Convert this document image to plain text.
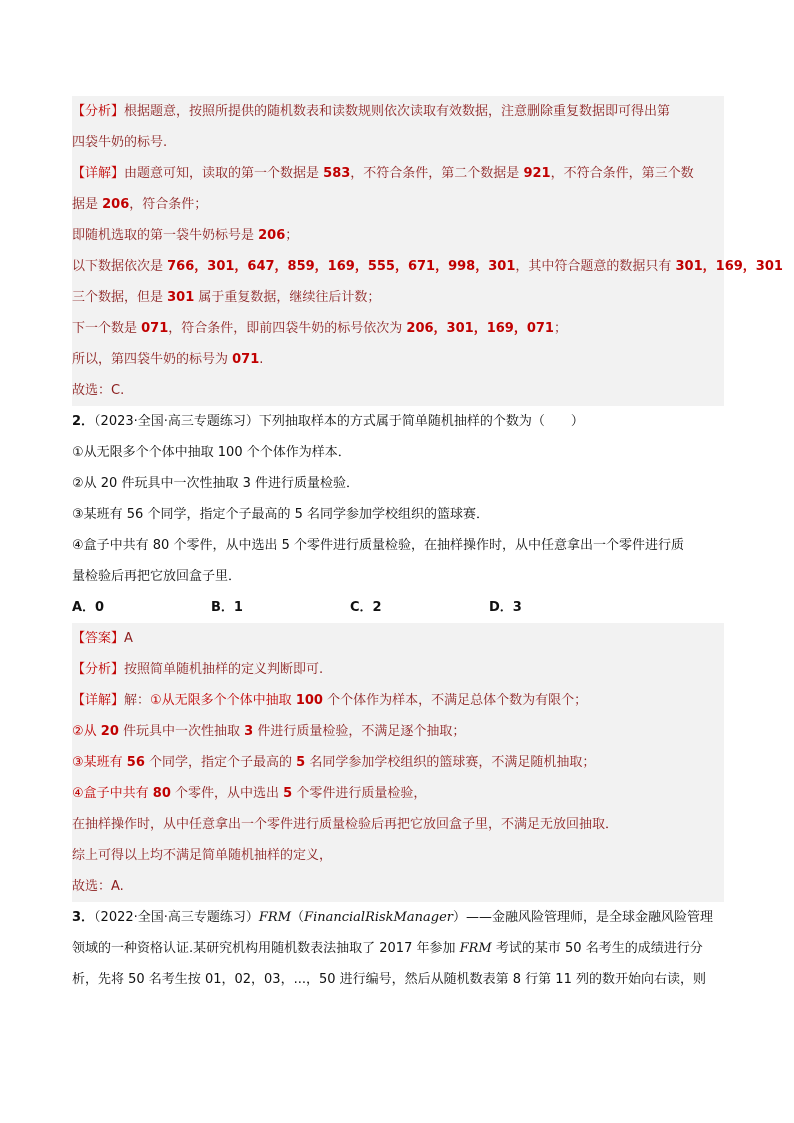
【分析】根据题意，按照所提供的随机数表和读数规则依次读取有效数据，注意删除重复数据即可得出第
四袋牛奶的标号.
【详解】由题意可知，读取的第一个数据是 583，不符合条件，第二个数据是 921，不符合条件，第三个数
据是 206，符合条件；
即随机选取的第一袋牛奶标号是 206；
以下数据依次是 766，301，647，859，169，555，671，998，301，其中符合题意的数据只有 301，169，301
三个数据，但是 301 属于重复数据，继续往后计数；
下一个数是 071，符合条件，即前四袋牛奶的标号依次为 206，301，169，071；
所以，第四袋牛奶的标号为 071.
故选：C.
2．（2023·全国·高三专题练习）下列抽取样本的方式属于简单随机抽样的个数为（　　）
①从无限多个个体中抽取 100 个个体作为样本．
②从 20 件玩具中一次性抽取 3 件进行质量检验．
③某班有 56 个同学，指定个子最高的 5 名同学参加学校组织的篮球赛．
④盒子中共有 80 个零件，从中选出 5 个零件进行质量检验，在抽样操作时，从中任意拿出一个零件进行质
量检验后再把它放回盒子里．
A．0	B．1	C．2	D．3
【答案】A
【分析】按照简单随机抽样的定义判断即可.
【详解】解：①从无限多个个体中抽取 100 个个体作为样本，不满足总体个数为有限个；
②从 20 件玩具中一次性抽取 3 件进行质量检验，不满足逐个抽取；
③某班有 56 个同学，指定个子最高的 5 名同学参加学校组织的篮球赛，不满足随机抽取；
④盒子中共有 80 个零件，从中选出 5 个零件进行质量检验，
在抽样操作时，从中任意拿出一个零件进行质量检验后再把它放回盒子里，不满足无放回抽取．
综上可得以上均不满足简单随机抽样的定义，
故选：A.
3．（2022·全国·高三专题练习）FRM（FinancialRiskManager）——金融风险管理师，是全球金融风险管理
领域的一种资格认证.某研究机构用随机数表法抽取了 2017 年参加 FRM 考试的某市 50 名考生的成绩进行分
析，先将 50 名考生按 01，02，03，...，50 进行编号，然后从随机数表第 8 行第 11 列的数开始向右读，则
